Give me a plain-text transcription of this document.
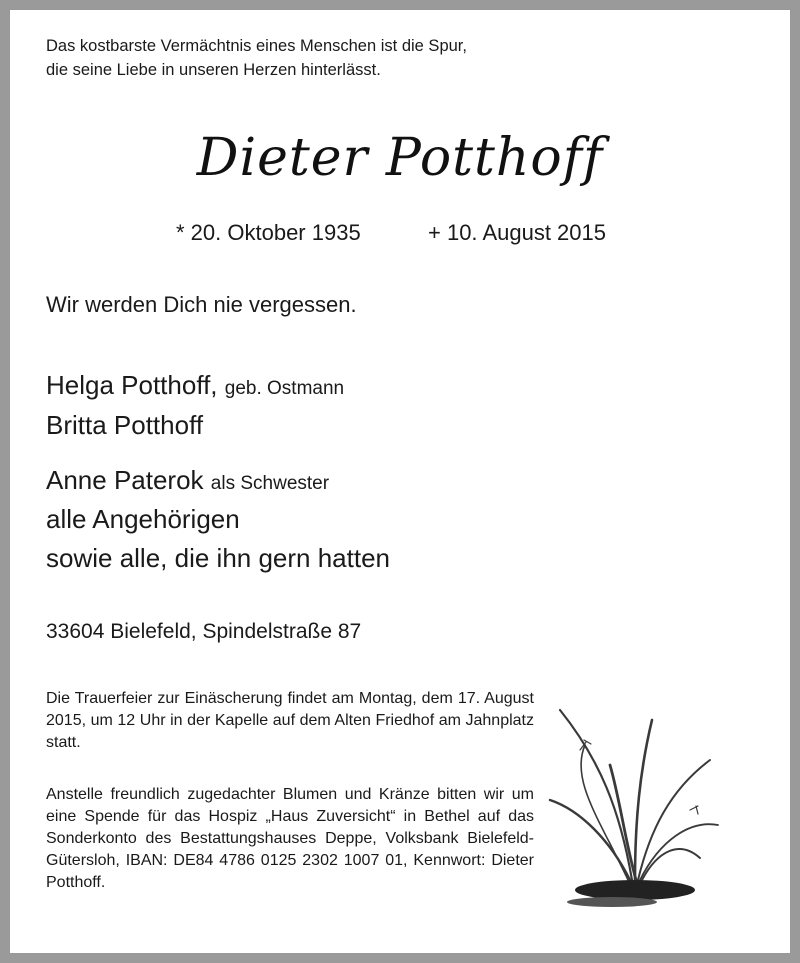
Das kostbarste Vermächtnis eines Menschen ist die Spur,
die seine Liebe in unseren Herzen hinterlässt.
Dieter Potthoff
* 20. Oktober 1935	+ 10. August 2015
Wir werden Dich nie vergessen.
Helga Potthoff, geb. Ostmann
Britta Potthoff
Anne Paterok als Schwester
alle Angehörigen
sowie alle, die ihn gern hatten
33604 Bielefeld, Spindelstraße 87
Die Trauerfeier zur Einäscherung findet am Montag, dem 17. August 2015, um 12 Uhr in der Kapelle auf dem Alten Friedhof am Jahnplatz statt.
Anstelle freundlich zugedachter Blumen und Kränze bitten wir um eine Spende für das Hospiz „Haus Zuversicht“ in Bethel auf das Sonderkonto des Bestattungshauses Deppe, Volksbank Bielefeld-Gütersloh, IBAN: DE84 4786 0125 2302 1007 01, Kennwort: Dieter Potthoff.
